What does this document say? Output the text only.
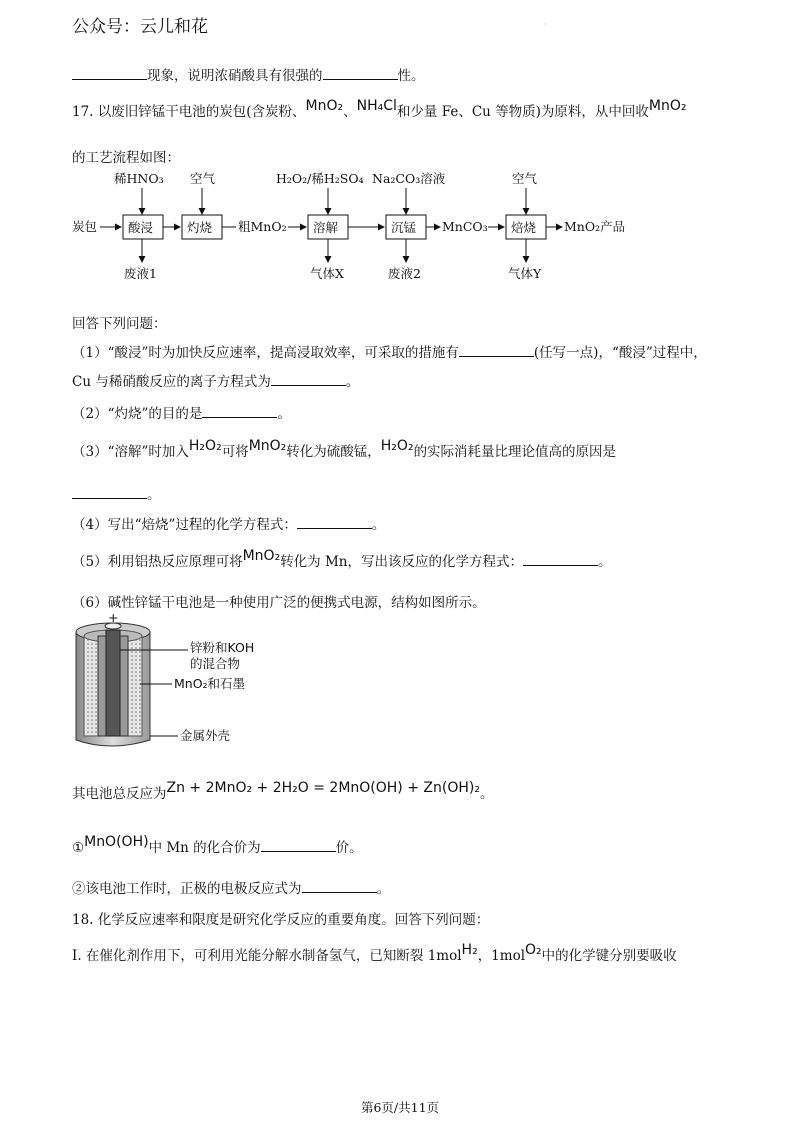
公众号：云儿和花	·
现象，说明浓硝酸具有很强的	性。
17. 以废旧锌锰干电池的炭包(含炭粉、MnO₂、NH₄Cl和少量 Fe、Cu 等物质)为原料，从中回收MnO₂
的工艺流程如图：
稀HNO₃ 空气	H₂O₂/稀H₂SO₄ Na₂CO₃溶液	空气
炭包 酸浸	灼烧 粗MnO₂ 溶解	沉锰 MnCO₃ 焙烧 MnO₂产品
废液1	气体X	废液2	气体Y
回答下列问题：
（1）“酸浸”时为加快反应速率，提高浸取效率，可采取的措施有	(任写一点)，“酸浸”过程中，
Cu 与稀硝酸反应的离子方程式为	。
（2）“灼烧”的目的是	。
（3）“溶解”时加入H₂O₂可将MnO₂转化为硫酸锰，H₂O₂的实际消耗量比理论值高的原因是
。
（4）写出“焙烧”过程的化学方程式：	。
（5）利用铝热反应原理可将MnO₂转化为 Mn，写出该反应的化学方程式：	。
（6）碱性锌锰干电池是一种使用广泛的便携式电源，结构如图所示。
+
锌粉和KOH
的混合物
MnO₂和石墨
金属外壳
其电池总反应为Zn + 2MnO₂ + 2H₂O = 2MnO(OH) + Zn(OH)₂。
①MnO(OH)中 Mn 的化合价为	价。
②该电池工作时，正极的电极反应式为	。
18. 化学反应速率和限度是研究化学反应的重要角度。回答下列问题：
I. 在催化剂作用下，可利用光能分解水制备氢气，已知断裂 1molH₂，1molO₂中的化学键分别要吸收
第6页/共11页
